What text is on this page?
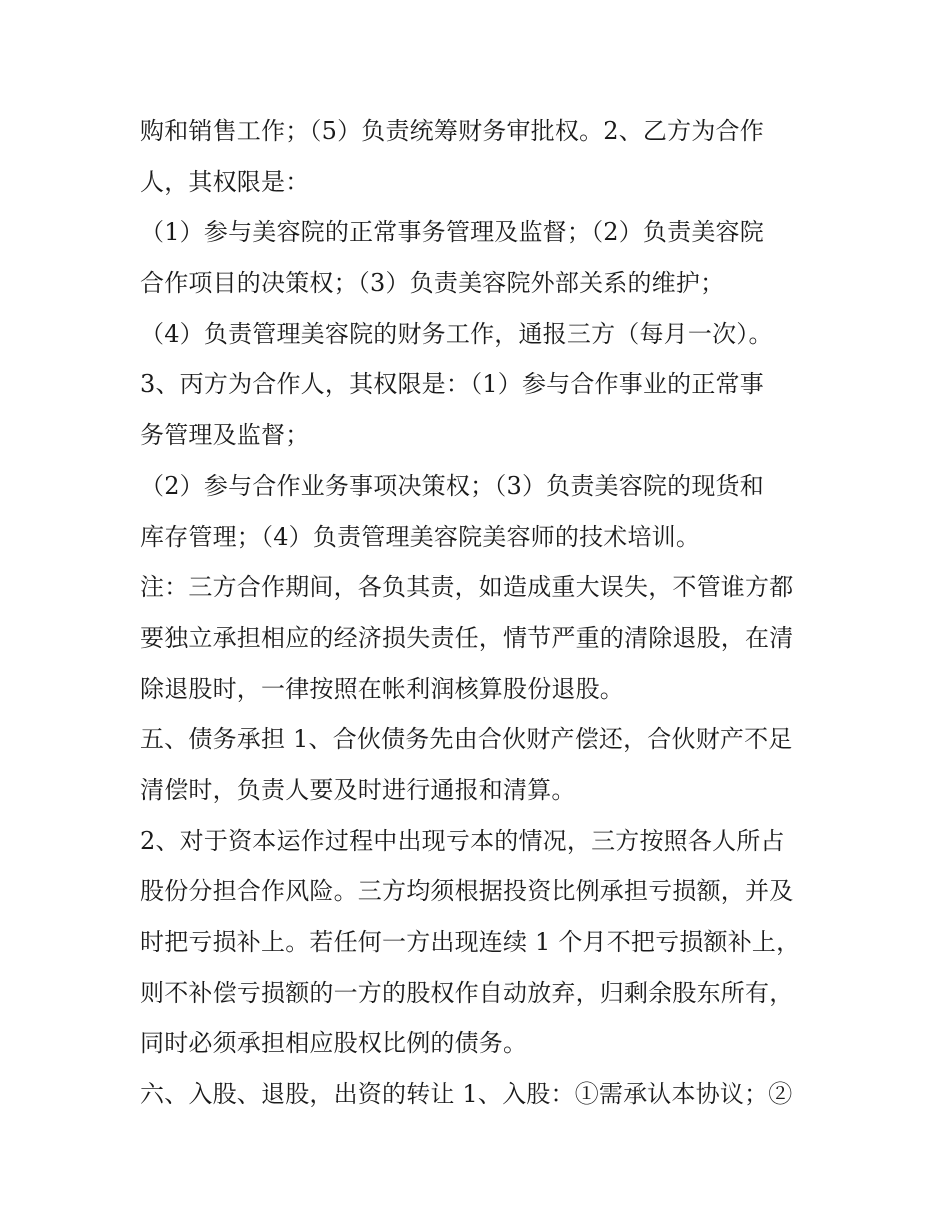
购和销售工作；（5）负责统筹财务审批权。2、乙方为合作
人，其权限是：
（1）参与美容院的正常事务管理及监督；（2）负责美容院
合作项目的决策权；（3）负责美容院外部关系的维护；
（4）负责管理美容院的财务工作，通报三方（每月一次）。
3、丙方为合作人，其权限是：（1）参与合作事业的正常事
务管理及监督；
（2）参与合作业务事项决策权；（3）负责美容院的现货和
库存管理；（4）负责管理美容院美容师的技术培训。
注：三方合作期间，各负其责，如造成重大误失，不管谁方都
要独立承担相应的经济损失责任，情节严重的清除退股，在清
除退股时，一律按照在帐利润核算股份退股。
五、债务承担 1、合伙债务先由合伙财产偿还，合伙财产不足
清偿时，负责人要及时进行通报和清算。
2、对于资本运作过程中出现亏本的情况，三方按照各人所占
股份分担合作风险。三方均须根据投资比例承担亏损额，并及
时把亏损补上。若任何一方出现连续 1 个月不把亏损额补上，
则不补偿亏损额的一方的股权作自动放弃，归剩余股东所有，
同时必须承担相应股权比例的债务。
六、入股、退股，出资的转让 1、入股：①需承认本协议；②
